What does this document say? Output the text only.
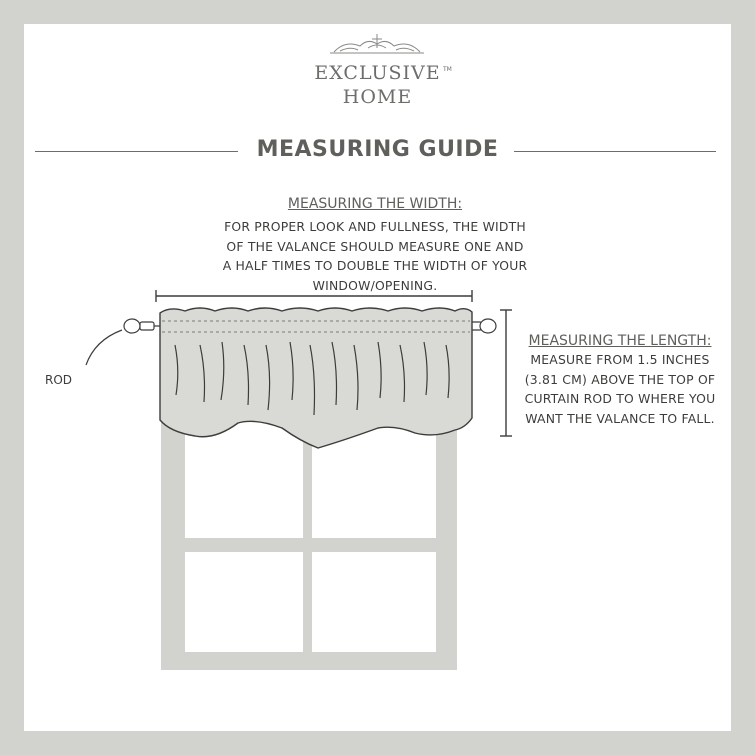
EXCLUSIVE
HOME
TM
MEASURING GUIDE
MEASURING THE WIDTH:
FOR PROPER LOOK AND FULLNESS, THE WIDTH
OF THE VALANCE SHOULD MEASURE ONE AND
A HALF TIMES TO DOUBLE THE WIDTH OF YOUR
WINDOW/OPENING.
MEASURING THE LENGTH:
MEASURE FROM 1.5 INCHES
(3.81 CM) ABOVE THE TOP OF
CURTAIN ROD TO WHERE YOU
WANT THE VALANCE TO FALL.
ROD
